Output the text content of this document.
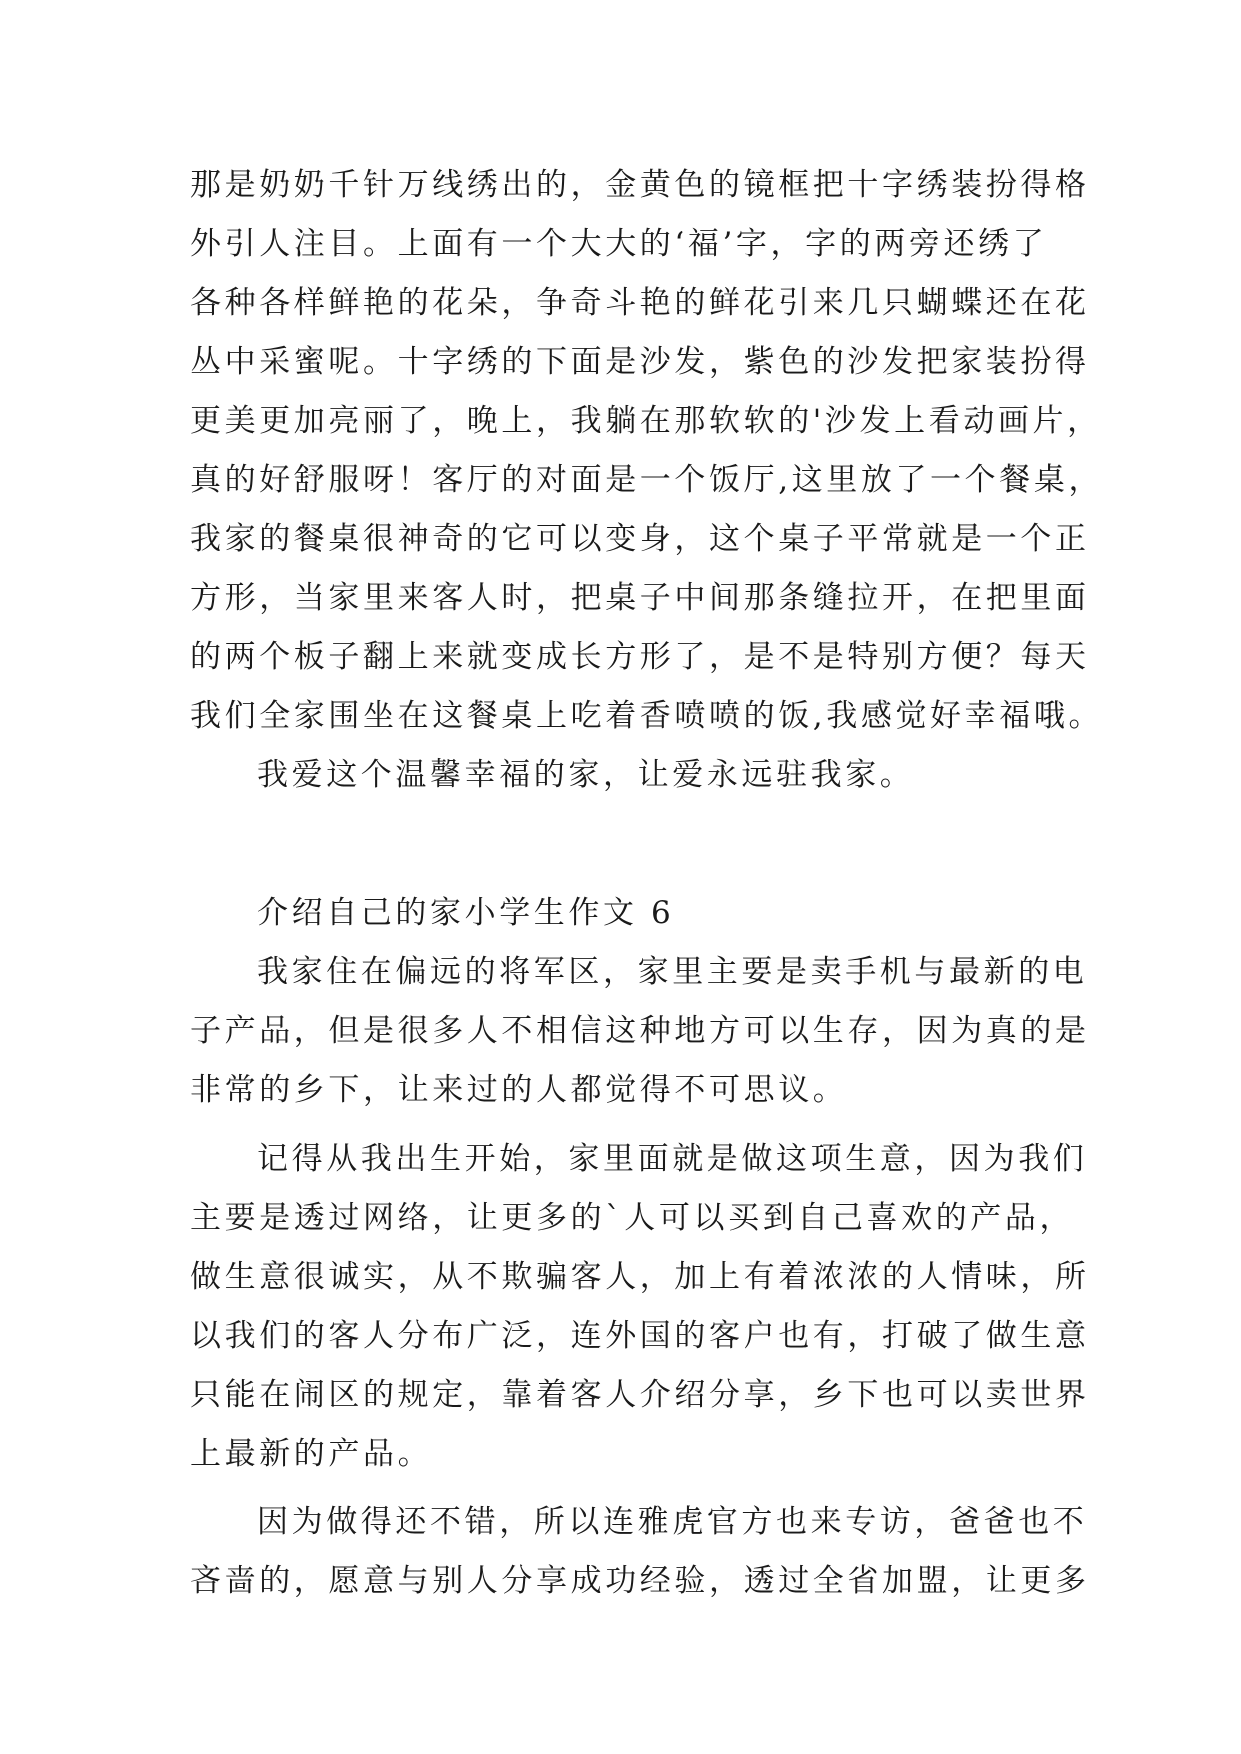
那是奶奶千针万线绣出的，金黄色的镜框把十字绣装扮得格
外引人注目。上面有一个大大的‘福’字，字的两旁还绣了
各种各样鲜艳的花朵，争奇斗艳的鲜花引来几只蝴蝶还在花
丛中采蜜呢。十字绣的下面是沙发，紫色的沙发把家装扮得
更美更加亮丽了，晚上，我躺在那软软的'沙发上看动画片，
真的好舒服呀！客厅的对面是一个饭厅,这里放了一个餐桌，
我家的餐桌很神奇的它可以变身，这个桌子平常就是一个正
方形，当家里来客人时，把桌子中间那条缝拉开，在把里面
的两个板子翻上来就变成长方形了，是不是特别方便？每天
我们全家围坐在这餐桌上吃着香喷喷的饭,我感觉好幸福哦。
我爱这个温馨幸福的家，让爱永远驻我家。
介绍自己的家小学生作文 6
我家住在偏远的将军区，家里主要是卖手机与最新的电
子产品，但是很多人不相信这种地方可以生存，因为真的是
非常的乡下，让来过的人都觉得不可思议。
记得从我出生开始，家里面就是做这项生意，因为我们
主要是透过网络，让更多的`人可以买到自己喜欢的产品，
做生意很诚实，从不欺骗客人，加上有着浓浓的人情味，所
以我们的客人分布广泛，连外国的客户也有，打破了做生意
只能在闹区的规定，靠着客人介绍分享，乡下也可以卖世界
上最新的产品。
因为做得还不错，所以连雅虎官方也来专访，爸爸也不
吝啬的，愿意与别人分享成功经验，透过全省加盟，让更多
